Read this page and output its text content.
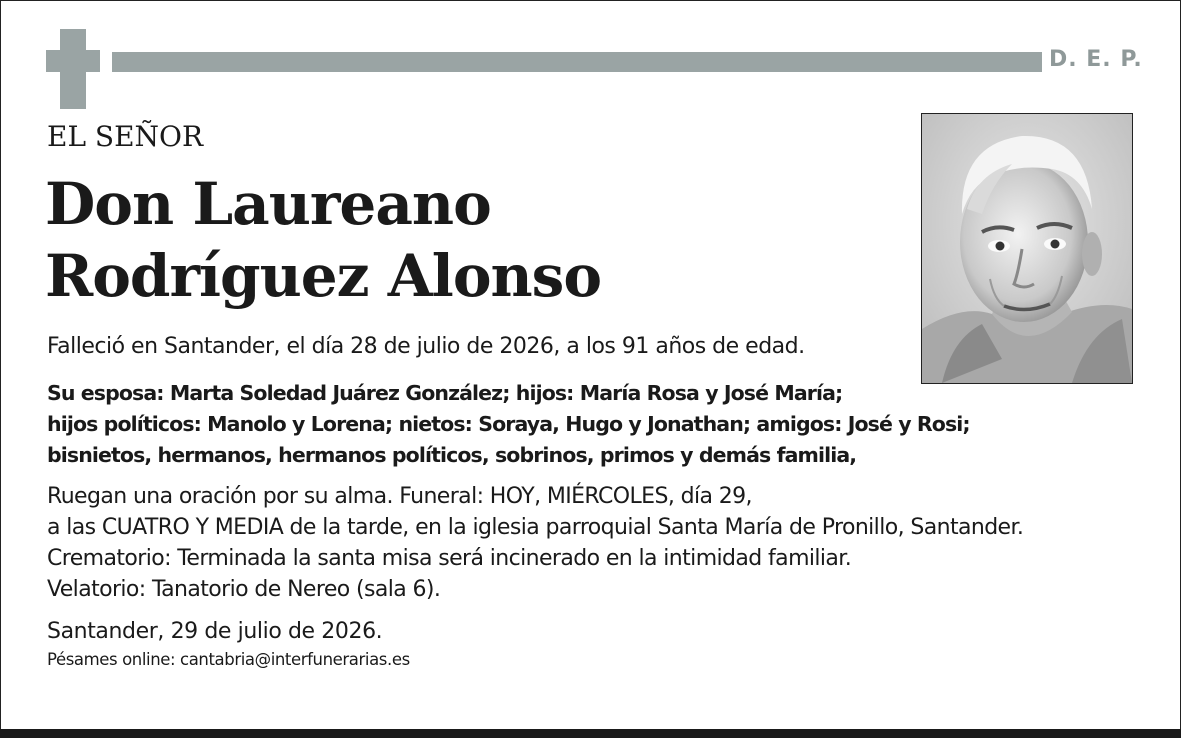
D. E. P.
EL SEÑOR
Don Laureano
Rodríguez Alonso
Falleció en Santander, el día 28 de julio de 2026, a los 91 años de edad.
Su esposa: Marta Soledad Juárez González; hijos: María Rosa y José María;
hijos políticos: Manolo y Lorena; nietos: Soraya, Hugo y Jonathan; amigos: José y Rosi;
bisnietos, hermanos, hermanos políticos, sobrinos, primos y demás familia,
Ruegan una oración por su alma. Funeral: HOY, MIÉRCOLES, día 29,
a las CUATRO Y MEDIA de la tarde, en la iglesia parroquial Santa María de Pronillo, Santander.
Crematorio: Terminada la santa misa será incinerado en la intimidad familiar.
Velatorio: Tanatorio de Nereo (sala 6).
Santander, 29 de julio de 2026.
Pésames online: cantabria@interfunerarias.es
